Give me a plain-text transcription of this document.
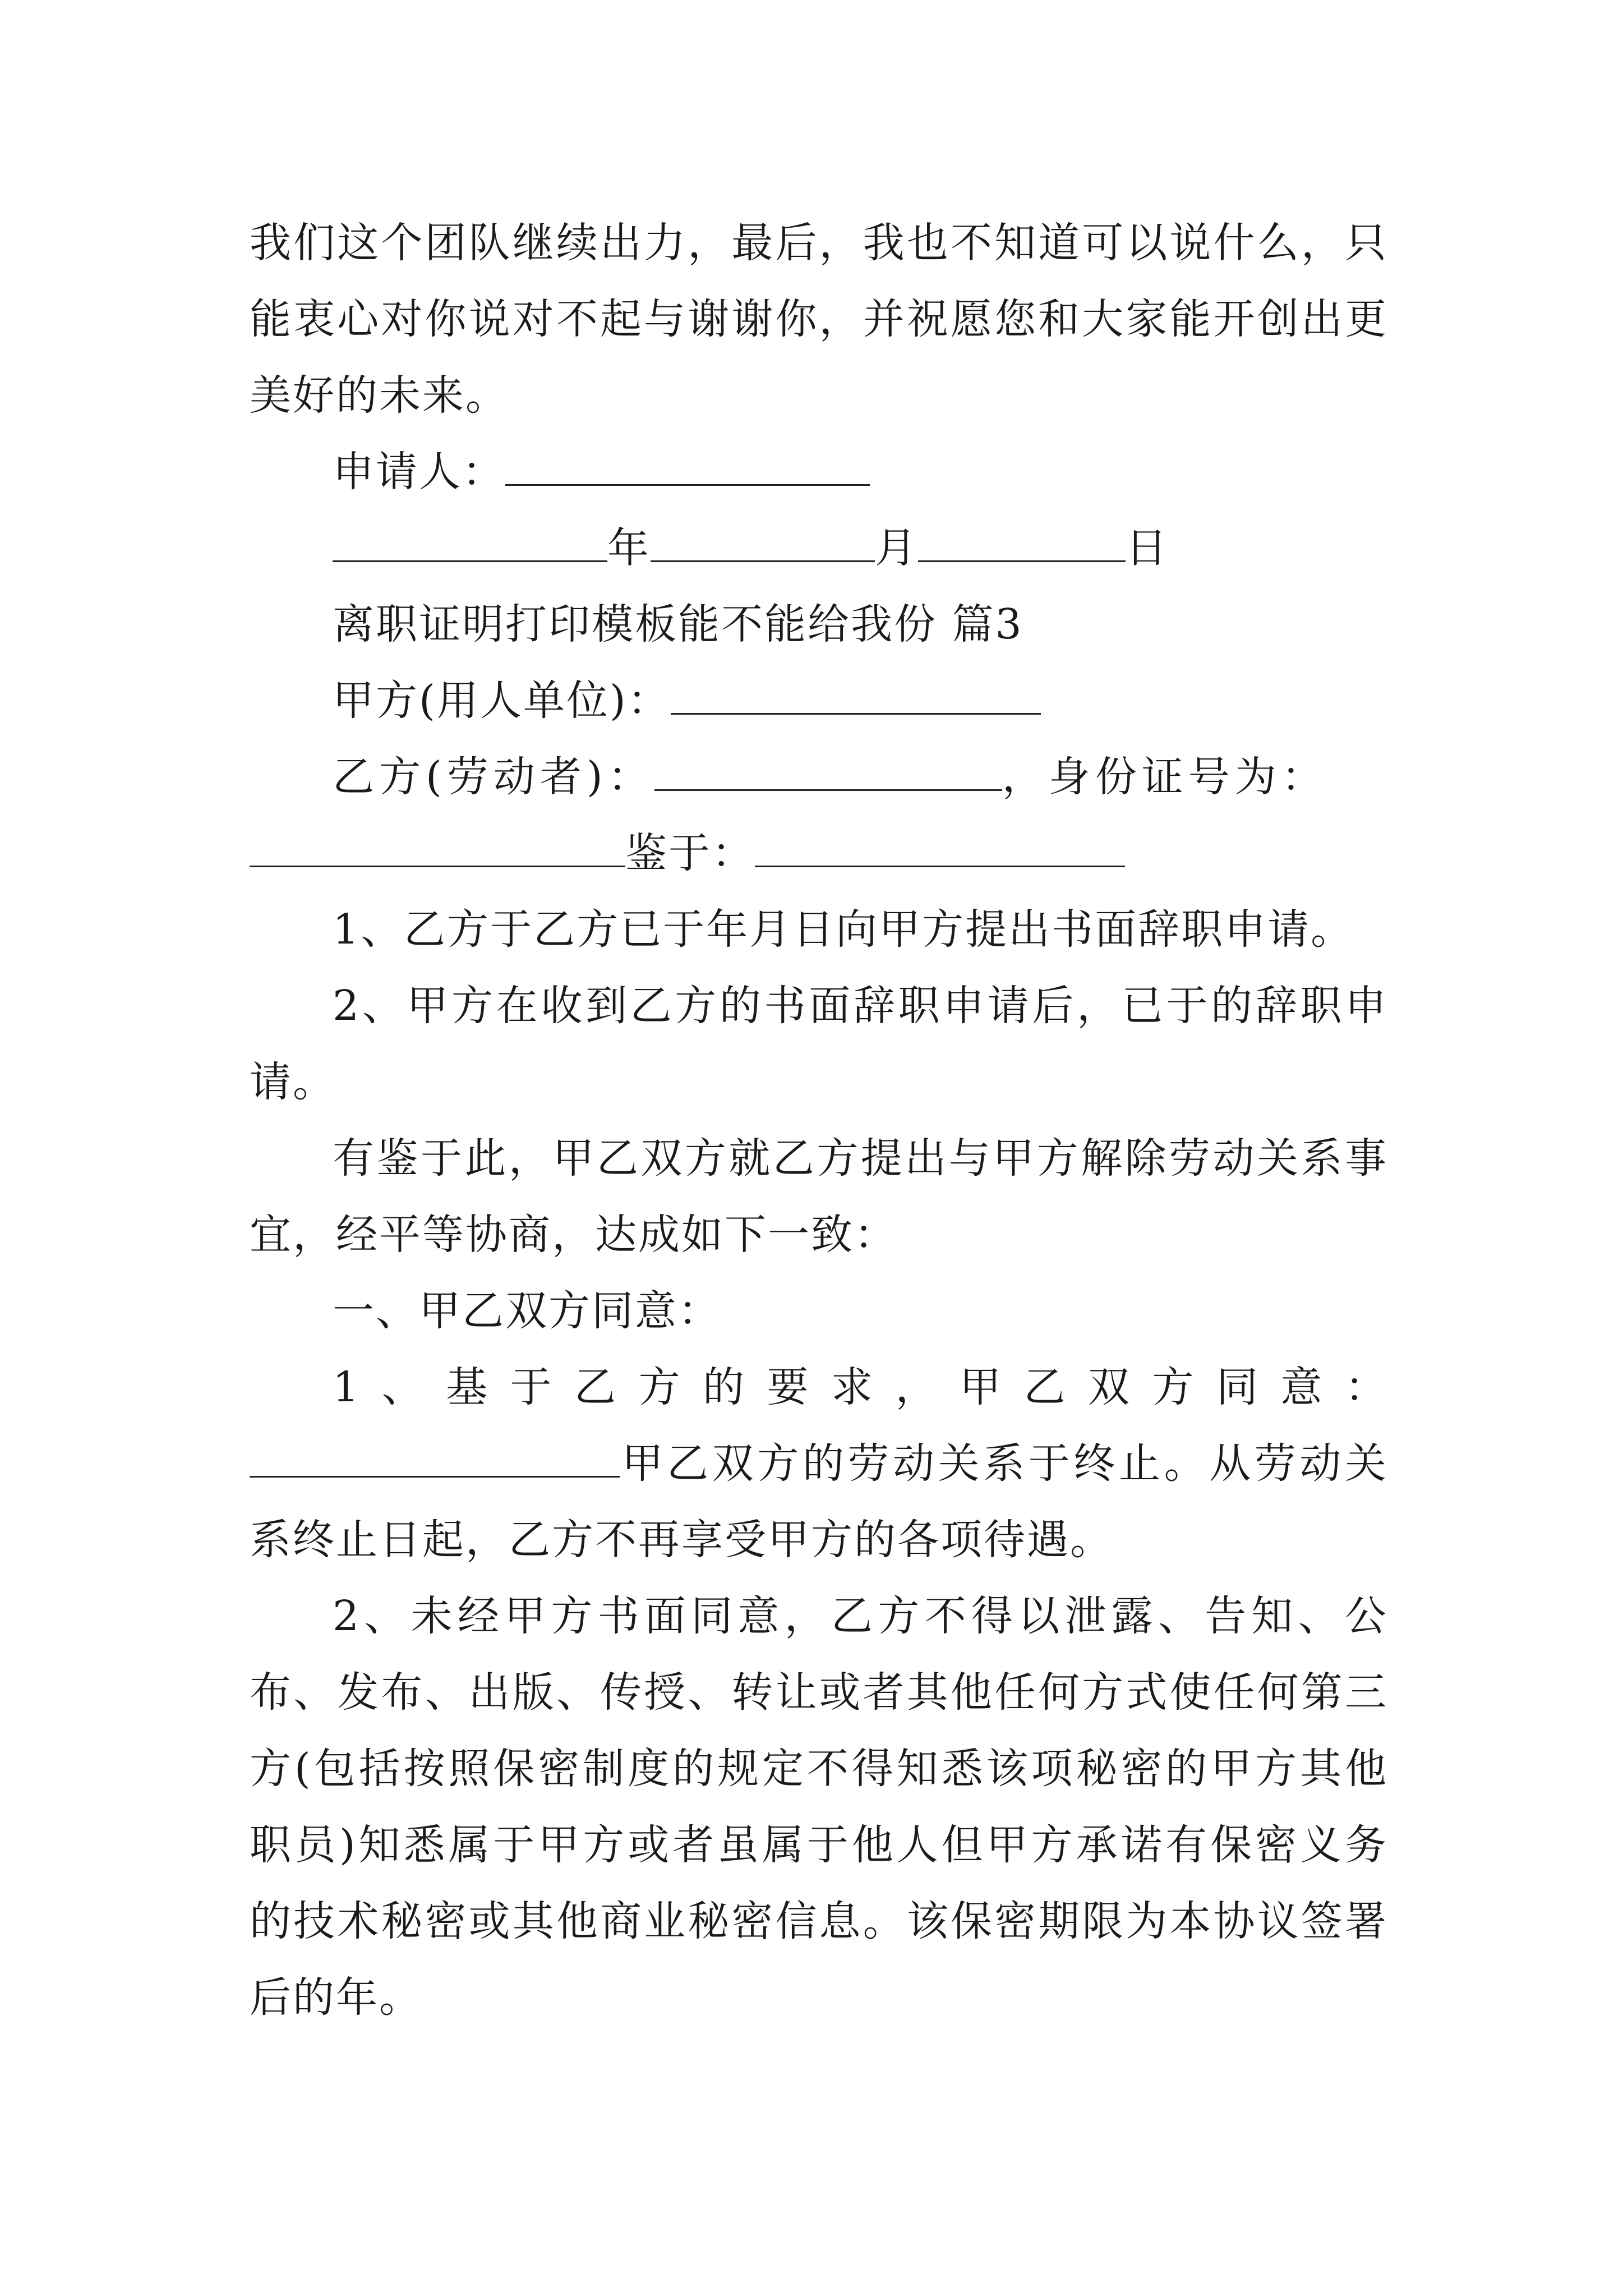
我们这个团队继续出力，最后，我也不知道可以说什么，只能衷心对你说对不起与谢谢你，并祝愿您和大家能开创出更美好的未来。

申请人：

年	月	日

离职证明打印模板能不能给我份 篇3

甲方(用人单位)：

乙方(劳动者)：	，身份证号为：

鉴于：

1、乙方于乙方已于年月日向甲方提出书面辞职申请。

2、甲方在收到乙方的书面辞职申请后，已于的辞职申请。

有鉴于此，甲乙双方就乙方提出与甲方解除劳动关系事宜，经平等协商，达成如下一致：

一、甲乙双方同意：

1、基于乙方的要求，甲乙双方同意：甲乙双方的劳动关系于终止。从劳动关系终止日起，乙方不再享受甲方的各项待遇。

2、未经甲方书面同意，乙方不得以泄露、告知、公布、发布、出版、传授、转让或者其他任何方式使任何第三方(包括按照保密制度的规定不得知悉该项秘密的甲方其他职员)知悉属于甲方或者虽属于他人但甲方承诺有保密义务的技术秘密或其他商业秘密信息。该保密期限为本协议签署后的年。
